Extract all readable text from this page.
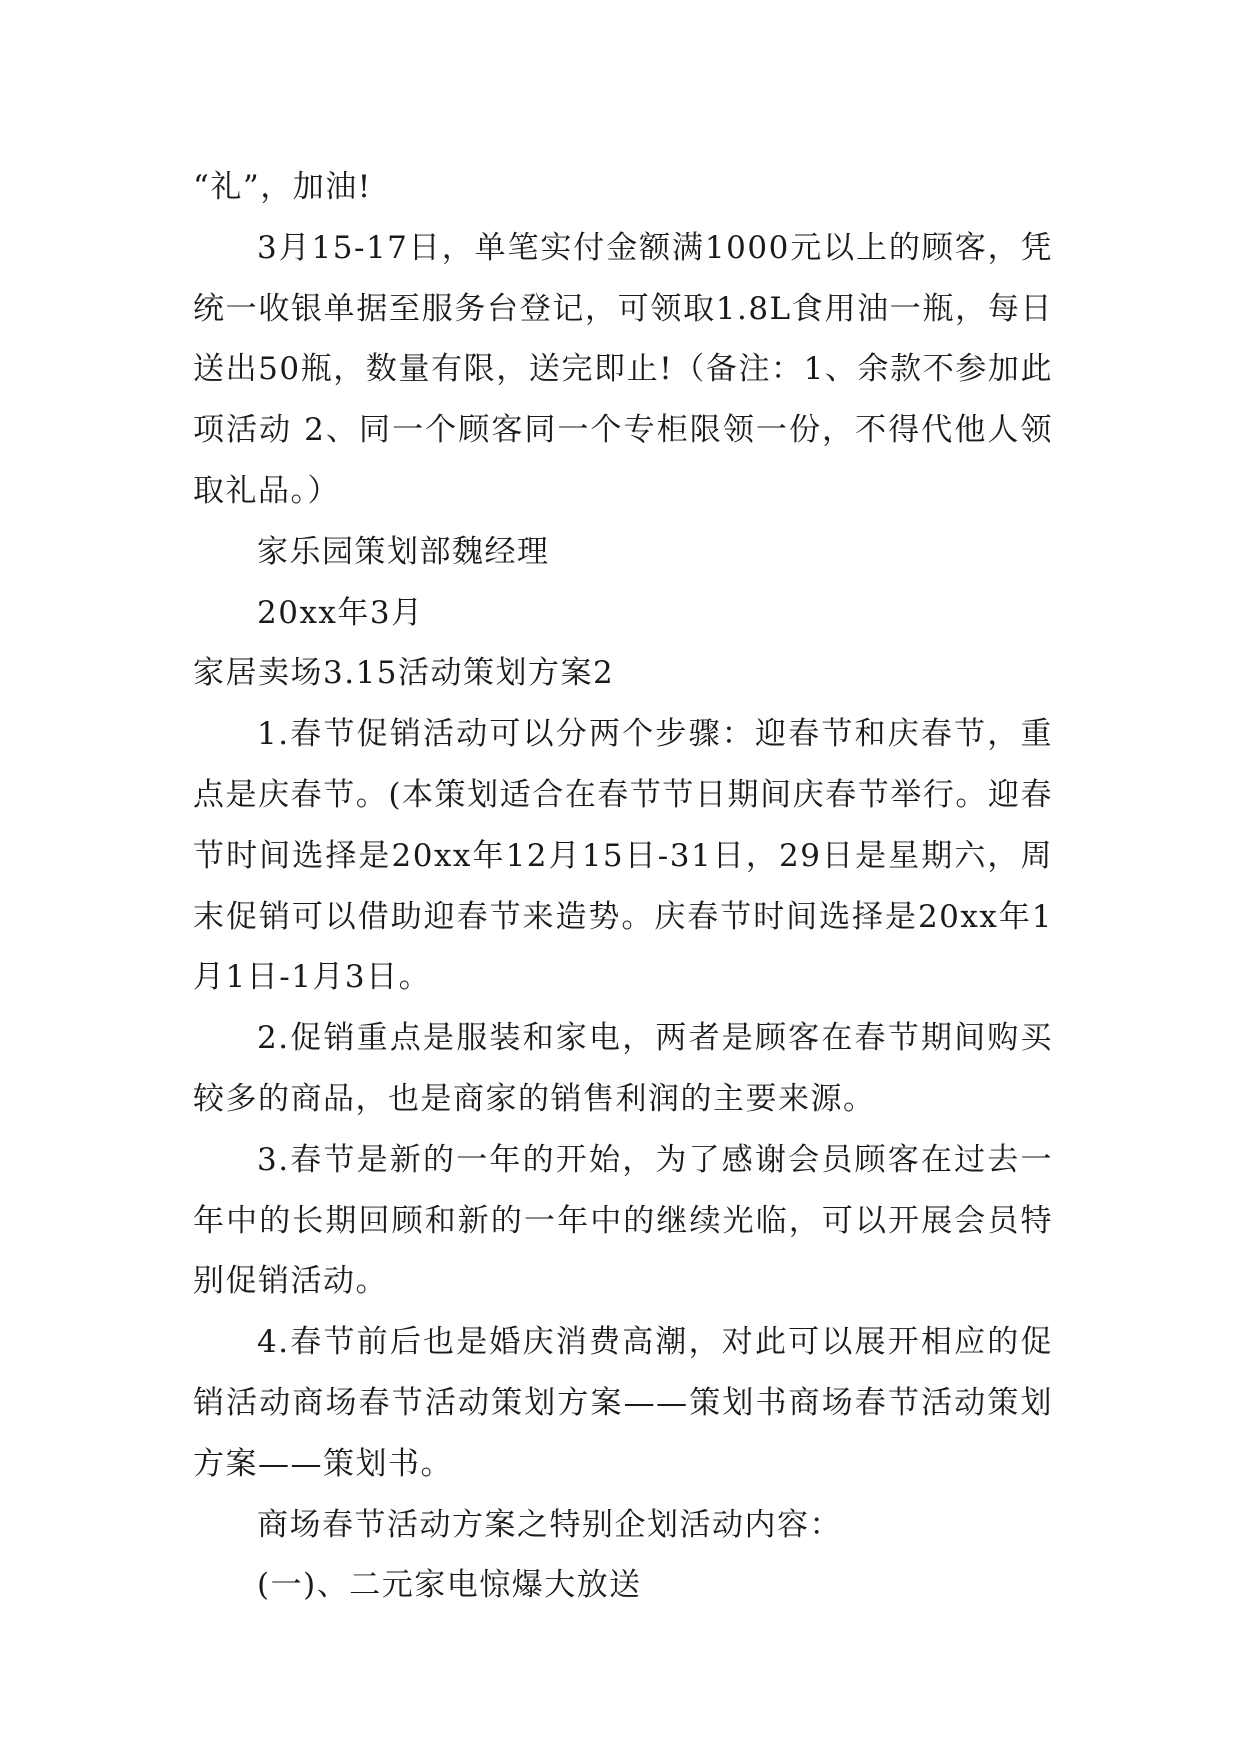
“礼”，加油!

3月15-17日，单笔实付金额满1000元以上的顾客，凭统一收银单据至服务台登记，可领取1.8L食用油一瓶，每日送出50瓶，数量有限，送完即止!（备注：1、余款不参加此项活动 2、同一个顾客同一个专柜限领一份，不得代他人领取礼品。）

家乐园策划部魏经理

20xx年3月

家居卖场3.15活动策划方案2

1.春节促销活动可以分两个步骤：迎春节和庆春节，重点是庆春节。(本策划适合在春节节日期间庆春节举行。迎春节时间选择是20xx年12月15日-31日，29日是星期六，周末促销可以借助迎春节来造势。庆春节时间选择是20xx年1月1日-1月3日。

2.促销重点是服装和家电，两者是顾客在春节期间购买较多的商品，也是商家的销售利润的主要来源。

3.春节是新的一年的开始，为了感谢会员顾客在过去一年中的长期回顾和新的一年中的继续光临，可以开展会员特别促销活动。

4.春节前后也是婚庆消费高潮，对此可以展开相应的促销活动商场春节活动策划方案——策划书商场春节活动策划方案——策划书。

商场春节活动方案之特别企划活动内容：

(一)、二元家电惊爆大放送
